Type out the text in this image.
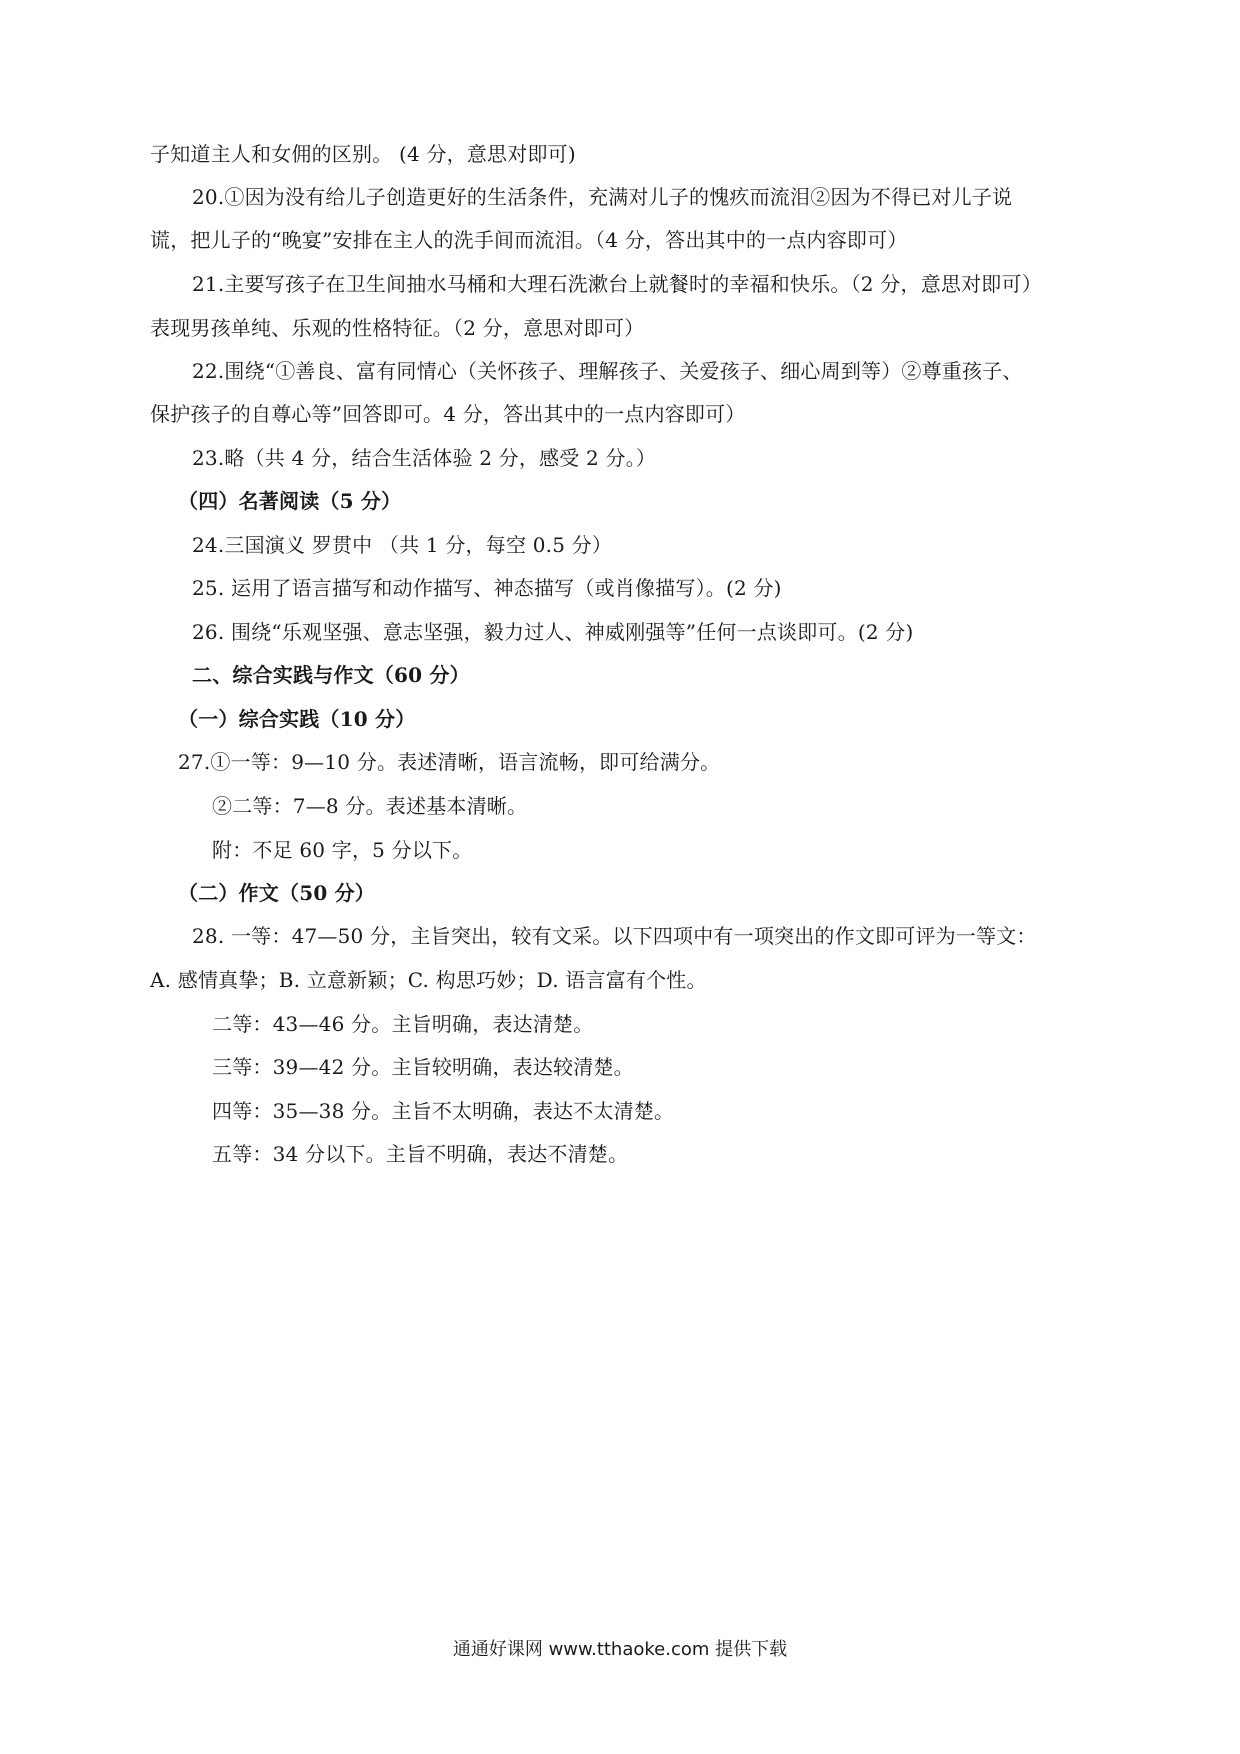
子知道主人和女佣的区别。 (4 分，意思对即可)
20.①因为没有给儿子创造更好的生活条件，充满对儿子的愧疚而流泪②因为不得已对儿子说
谎，把儿子的“晚宴”安排在主人的洗手间而流泪。（4 分，答出其中的一点内容即可）
21.主要写孩子在卫生间抽水马桶和大理石洗漱台上就餐时的幸福和快乐。（2 分，意思对即可）
表现男孩单纯、乐观的性格特征。（2 分，意思对即可）
22.围绕“①善良、富有同情心（关怀孩子、理解孩子、关爱孩子、细心周到等）②尊重孩子、
保护孩子的自尊心等”回答即可。4 分，答出其中的一点内容即可）
23.略（共 4 分，结合生活体验 2 分，感受 2 分。）
（四）名著阅读（5 分）
24.三国演义 罗贯中 （共 1 分，每空 0.5 分）
25. 运用了语言描写和动作描写、神态描写（或肖像描写）。(2 分)
26. 围绕“乐观坚强、意志坚强，毅力过人、神威刚强等”任何一点谈即可。(2 分)
二、综合实践与作文（60 分）
（一）综合实践（10 分）
27.①一等：9—10 分。表述清晰，语言流畅，即可给满分。
②二等：7—8 分。表述基本清晰。
附：不足 60 字，5 分以下。
（二）作文（50 分）
28. 一等：47—50 分，主旨突出，较有文采。以下四项中有一项突出的作文即可评为一等文：
A. 感情真挚；B. 立意新颖；C. 构思巧妙；D. 语言富有个性。
二等：43—46 分。主旨明确，表达清楚。
三等：39—42 分。主旨较明确，表达较清楚。
四等：35—38 分。主旨不太明确，表达不太清楚。
五等：34 分以下。主旨不明确，表达不清楚。
通通好课网 www.tthaoke.com 提供下载
